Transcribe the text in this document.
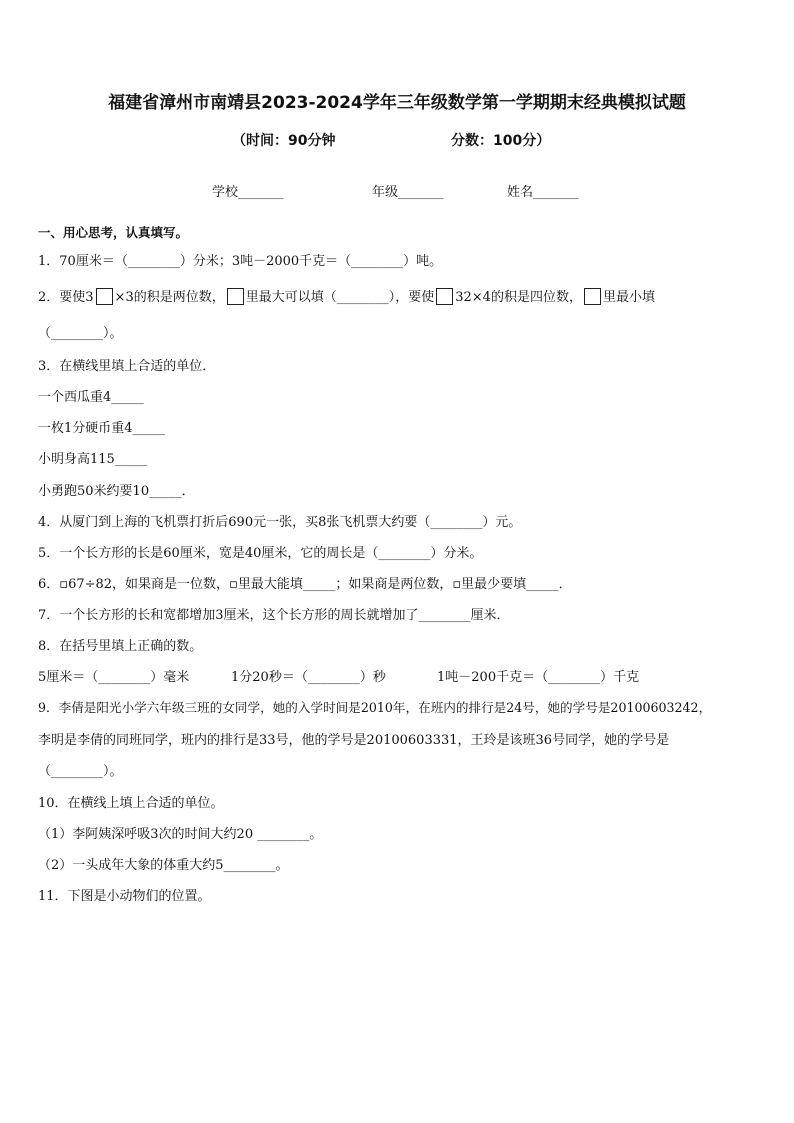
福建省漳州市南靖县2023-2024学年三年级数学第一学期期末经典模拟试题
（时间：90分钟	分数：100分）
学校_______	年级_______	姓名_______
一、用心思考，认真填写。
1．70厘米＝（________）分米；3吨－2000千克＝（________）吨。
2．要使3 ×3的积是两位数， 里最大可以填（________），要使 32×4的积是四位数， 里最小填
（________）。
3．在横线里填上合适的单位．
一个西瓜重4_____
一枚1分硬币重4_____
小明身高115_____
小勇跑50米约要10_____．
4．从厦门到上海的飞机票打折后690元一张，买8张飞机票大约要（________）元。
5．一个长方形的长是60厘米，宽是40厘米，它的周长是（________）分米。
6．▫67÷82，如果商是一位数，▫里最大能填_____；如果商是两位数，▫里最少要填_____．
7．一个长方形的长和宽都增加3厘米，这个长方形的周长就增加了________厘米．
8．在括号里填上正确的数。
5厘米＝（________）毫米	1分20秒＝（________）秒	1吨－200千克＝（________）千克
9．李倩是阳光小学六年级三班的女同学，她的入学时间是2010年，在班内的排行是24号，她的学号是20100603242，
李明是李倩的同班同学，班内的排行是33号，他的学号是20100603331，王玲是该班36号同学，她的学号是
（________）。
10．在横线上填上合适的单位。
（1）李阿姨深呼吸3次的时间大约20 ________。
（2）一头成年大象的体重大约5________。
11．下图是小动物们的位置。
